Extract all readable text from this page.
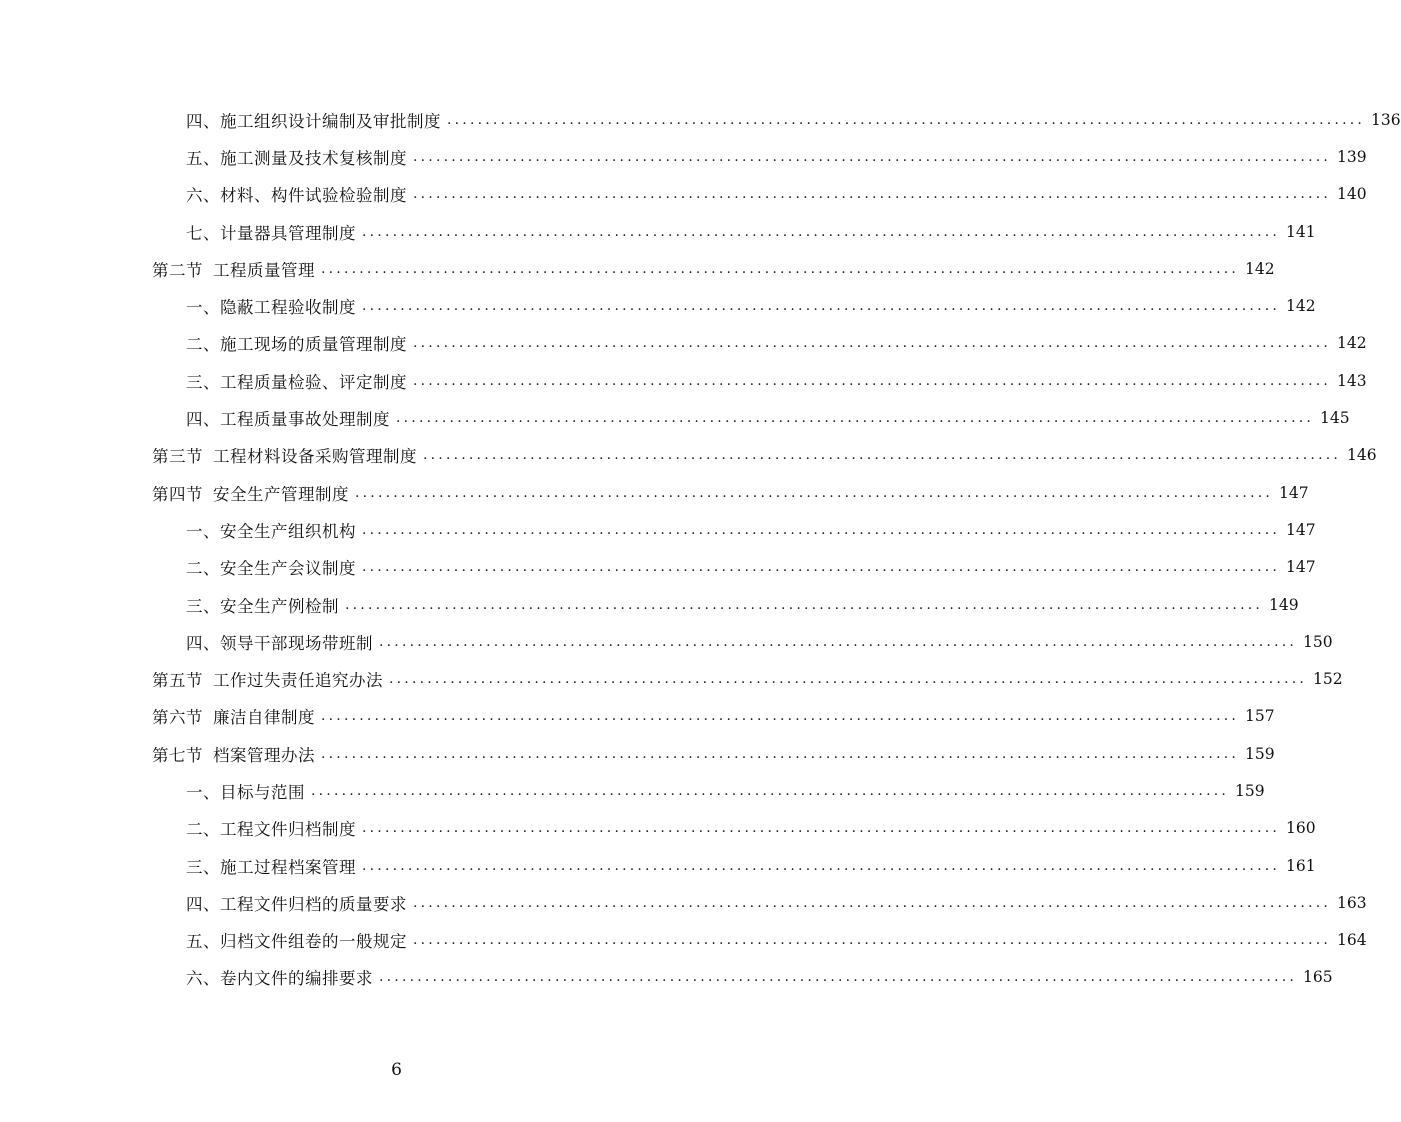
四、施工组织设计编制及审批制度 ........................................................................................................................ 136
五、施工测量及技术复核制度 ........................................................................................................................ 139
六、材料、构件试验检验制度 ........................................................................................................................ 140
七、计量器具管理制度 ........................................................................................................................ 141
第二节 工程质量管理 ........................................................................................................................ 142
一、隐蔽工程验收制度 ........................................................................................................................ 142
二、施工现场的质量管理制度 ........................................................................................................................ 142
三、工程质量检验、评定制度 ........................................................................................................................ 143
四、工程质量事故处理制度 ........................................................................................................................ 145
第三节 工程材料设备采购管理制度 ........................................................................................................................ 146
第四节 安全生产管理制度 ........................................................................................................................ 147
一、安全生产组织机构 ........................................................................................................................ 147
二、安全生产会议制度 ........................................................................................................................ 147
三、安全生产例检制 ........................................................................................................................ 149
四、领导干部现场带班制 ........................................................................................................................ 150
第五节 工作过失责任追究办法 ........................................................................................................................ 152
第六节 廉洁自律制度 ........................................................................................................................ 157
第七节 档案管理办法 ........................................................................................................................ 159
一、目标与范围 ........................................................................................................................ 159
二、工程文件归档制度 ........................................................................................................................ 160
三、施工过程档案管理 ........................................................................................................................ 161
四、工程文件归档的质量要求 ........................................................................................................................ 163
五、归档文件组卷的一般规定 ........................................................................................................................ 164
六、卷内文件的编排要求 ........................................................................................................................ 165
6
